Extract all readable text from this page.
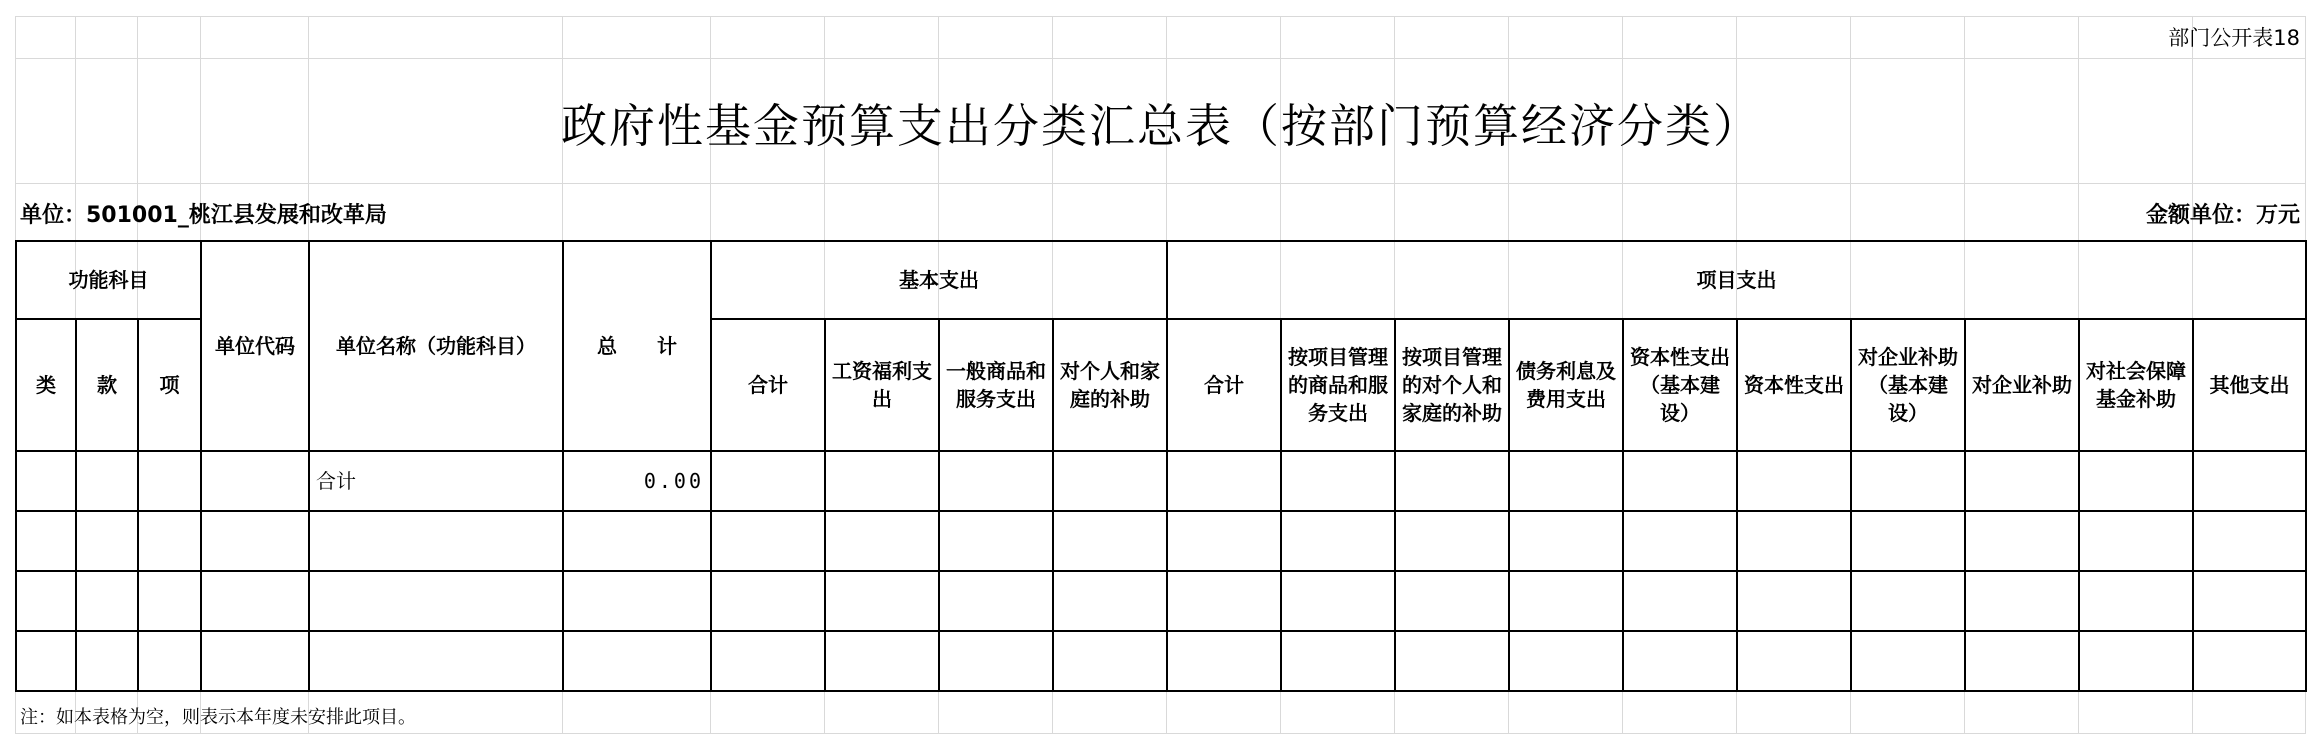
部门公开表18
政府性基金预算支出分类汇总表（按部门预算经济分类）
单位：501001_桃江县发展和改革局	金额单位：万元
功能科目			单位代码	单位名称（功能科目）	总　　计	基本支出				项目支出									
类	款	项				合计	工资福利支出	一般商品和服务支出	对个人和家庭的补助	合计	按项目管理的商品和服务支出	按项目管理的对个人和家庭的补助	债务利息及费用支出	资本性支出（基本建设）	资本性支出	对企业补助（基本建设）	对企业补助	对社会保障基金补助	其他支出
				合计	0.00														

注：如本表格为空，则表示本年度未安排此项目。
